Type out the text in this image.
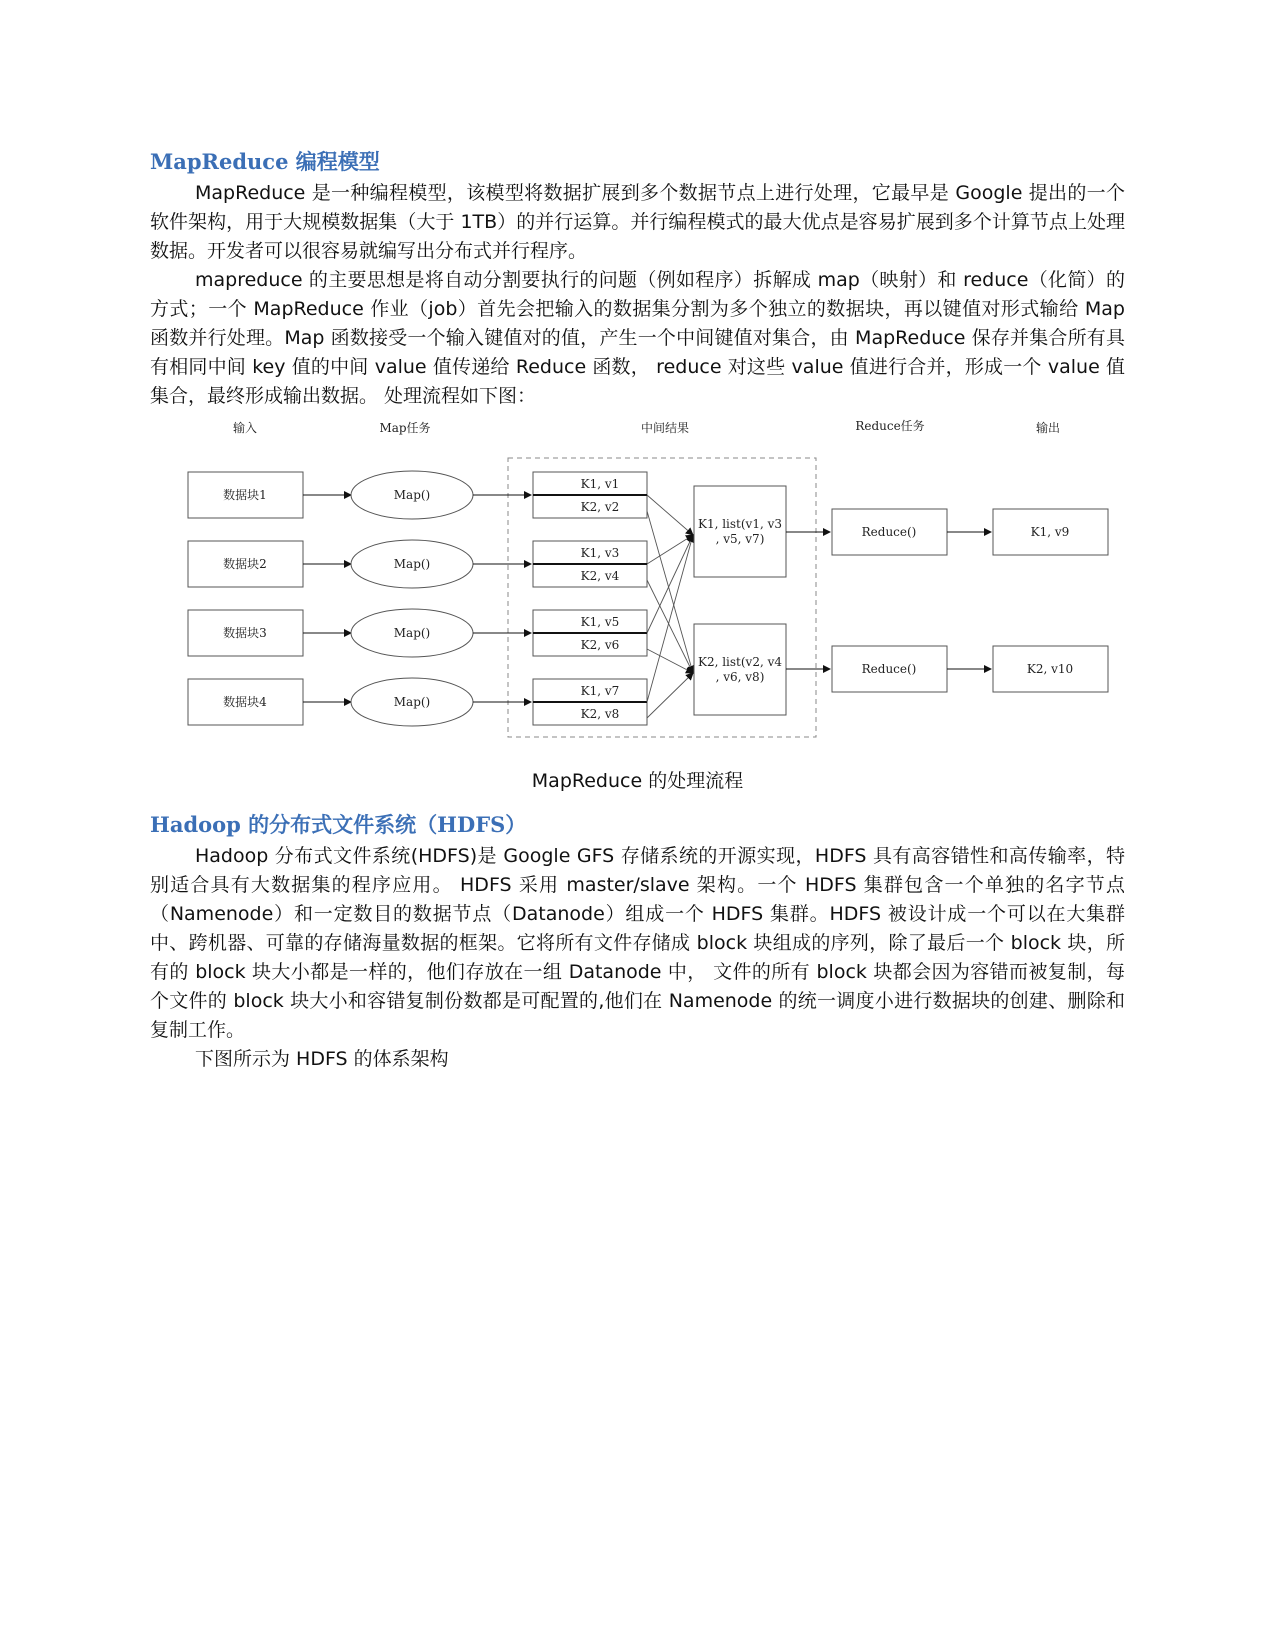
MapReduce 编程模型

MapReduce 是一种编程模型，该模型将数据扩展到多个数据节点上进行处理，它最早是 Google 提出的一个软件架构，用于大规模数据集（大于 1TB）的并行运算。并行编程模式的最大优点是容易扩展到多个计算节点上处理数据。开发者可以很容易就编写出分布式并行程序。

mapreduce 的主要思想是将自动分割要执行的问题（例如程序）拆解成 map（映射）和 reduce（化简）的方式；一个 MapReduce 作业（job）首先会把输入的数据集分割为多个独立的数据块，再以键值对形式输给 Map 函数并行处理。Map 函数接受一个输入键值对的值，产生一个中间键值对集合，由 MapReduce 保存并集合所有具有相同中间 key 值的中间 value 值传递给 Reduce 函数， reduce 对这些 value 值进行合并，形成一个 value 值集合，最终形成输出数据。 处理流程如下图：

输入	Map任务	中间结果	Reduce任务	输出
数据块1	Map()
K1, v1
K2, v2
数据块2	Map()
K1, v3
K2, v4
数据块3	Map()
K1, v5
K2, v6
数据块4	Map()
K1, v7
K2, v8
K1, list(v1, v3
, v5, v7)
K2, list(v2, v4
, v6, v8)
Reduce()
Reduce()
K1, v9
K2, v10
MapReduce 的处理流程
Hadoop 的分布式文件系统（HDFS）

Hadoop 分布式文件系统(HDFS)是 Google GFS 存储系统的开源实现，HDFS 具有高容错性和高传输率，特别适合具有大数据集的程序应用。 HDFS 采用 master/slave 架构。一个 HDFS 集群包含一个单独的名字节点（Namenode）和一定数目的数据节点（Datanode）组成一个 HDFS 集群。HDFS 被设计成一个可以在大集群中、跨机器、可靠的存储海量数据的框架。它将所有文件存储成 block 块组成的序列，除了最后一个 block 块，所有的 block 块大小都是一样的，他们存放在一组 Datanode 中， 文件的所有 block 块都会因为容错而被复制，每个文件的 block 块大小和容错复制份数都是可配置的,他们在 Namenode 的统一调度小进行数据块的创建、删除和复制工作。

下图所示为 HDFS 的体系架构
